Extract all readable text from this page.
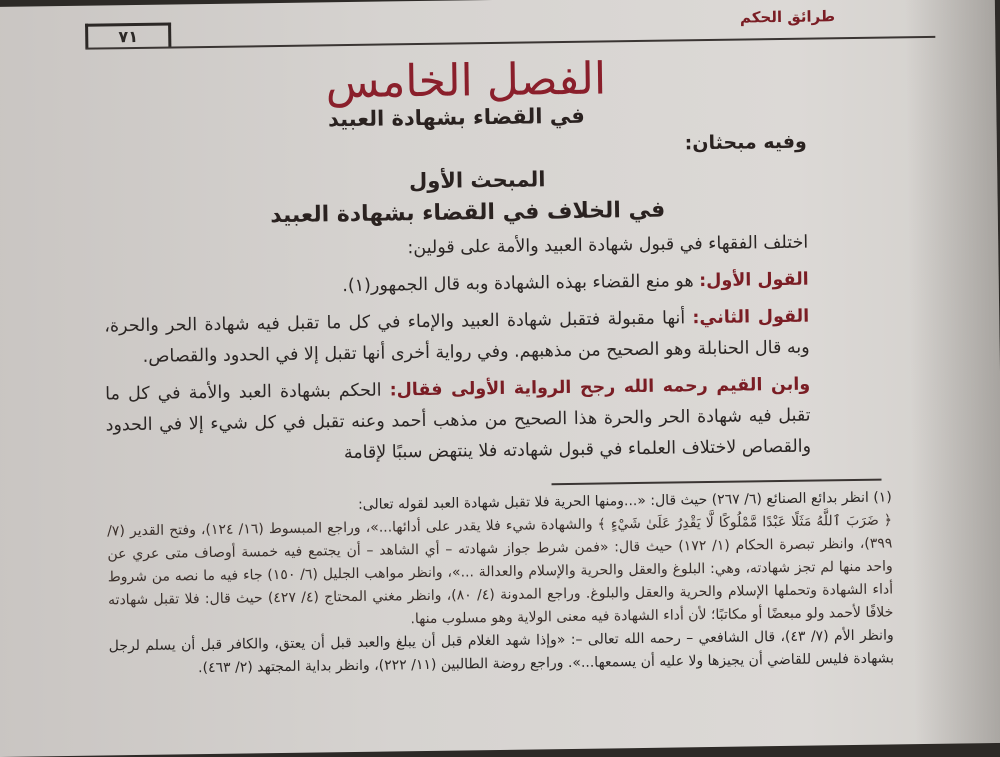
٧١
طرائق الحكم
الفصل الخامس
في القضاء بشهادة العبيد
وفيه مبحثان:
المبحث الأول
في الخلاف في القضاء بشهادة العبيد

اختلف الفقهاء في قبول شهادة العبيد والأمة على قولين:

القول الأول: هو منع القضاء بهذه الشهادة وبه قال الجمهور(١).

القول الثاني: أنها مقبولة فتقبل شهادة العبيد والإماء في كل ما تقبل فيه شهادة الحر والحرة، وبه قال الحنابلة وهو الصحيح من مذهبهم. وفي رواية أخرى أنها تقبل إلا في الحدود والقصاص.

وابن القيم رحمه الله رجح الرواية الأولى فقال: الحكم بشهادة العبد والأمة في كل ما تقبل فيه شهادة الحر والحرة هذا الصحيح من مذهب أحمد وعنه تقبل في كل شيء إلا في الحدود والقصاص لاختلاف العلماء في قبول شهادته فلا ينتهض سببًا لإقامة

(١) انظر بدائع الصنائع (٦/ ٢٦٧) حيث قال: «...ومنها الحرية فلا تقبل شهادة العبد لقوله تعالى:

﴿ ضَرَبَ ٱللَّهُ مَثَلًا عَبْدًا مَّمْلُوكًا لَّا يَقْدِرُ عَلَىٰ شَيْءٍ ﴾ والشهادة شيء فلا يقدر على أدائها...»، وراجع المبسوط (١٦/ ١٢٤)، وفتح القدير (٧/ ٣٩٩)، وانظر تبصرة الحكام (١/ ١٧٢) حيث قال: «فمن شرط جواز شهادته – أي الشاهد – أن يجتمع فيه خمسة أوصاف متى عري عن واحد منها لم تجز شهادته، وهي: البلوغ والعقل والحرية والإسلام والعدالة ...»، وانظر مواهب الجليل (٦/ ١٥٠) جاء فيه ما نصه من شروط أداء الشهادة وتحملها الإسلام والحرية والعقل والبلوغ. وراجع المدونة (٤/ ٨٠)، وانظر مغني المحتاج (٤/ ٤٢٧) حيث قال: فلا تقبل شهادته خلافًا لأحمد ولو مبعضًا أو مكاتبًا؛ لأن أداء الشهادة فيه معنى الولاية وهو مسلوب منها.

وانظر الأم (٧/ ٤٣)، قال الشافعي – رحمه الله تعالى –: «وإذا شهد الغلام قبل أن يبلغ والعبد قبل أن يعتق، والكافر قبل أن يسلم لرجل بشهادة فليس للقاضي أن يجيزها ولا عليه أن يسمعها...». وراجع روضة الطالبين (١١/ ٢٢٢)، وانظر بداية المجتهد (٢/ ٤٦٣).
